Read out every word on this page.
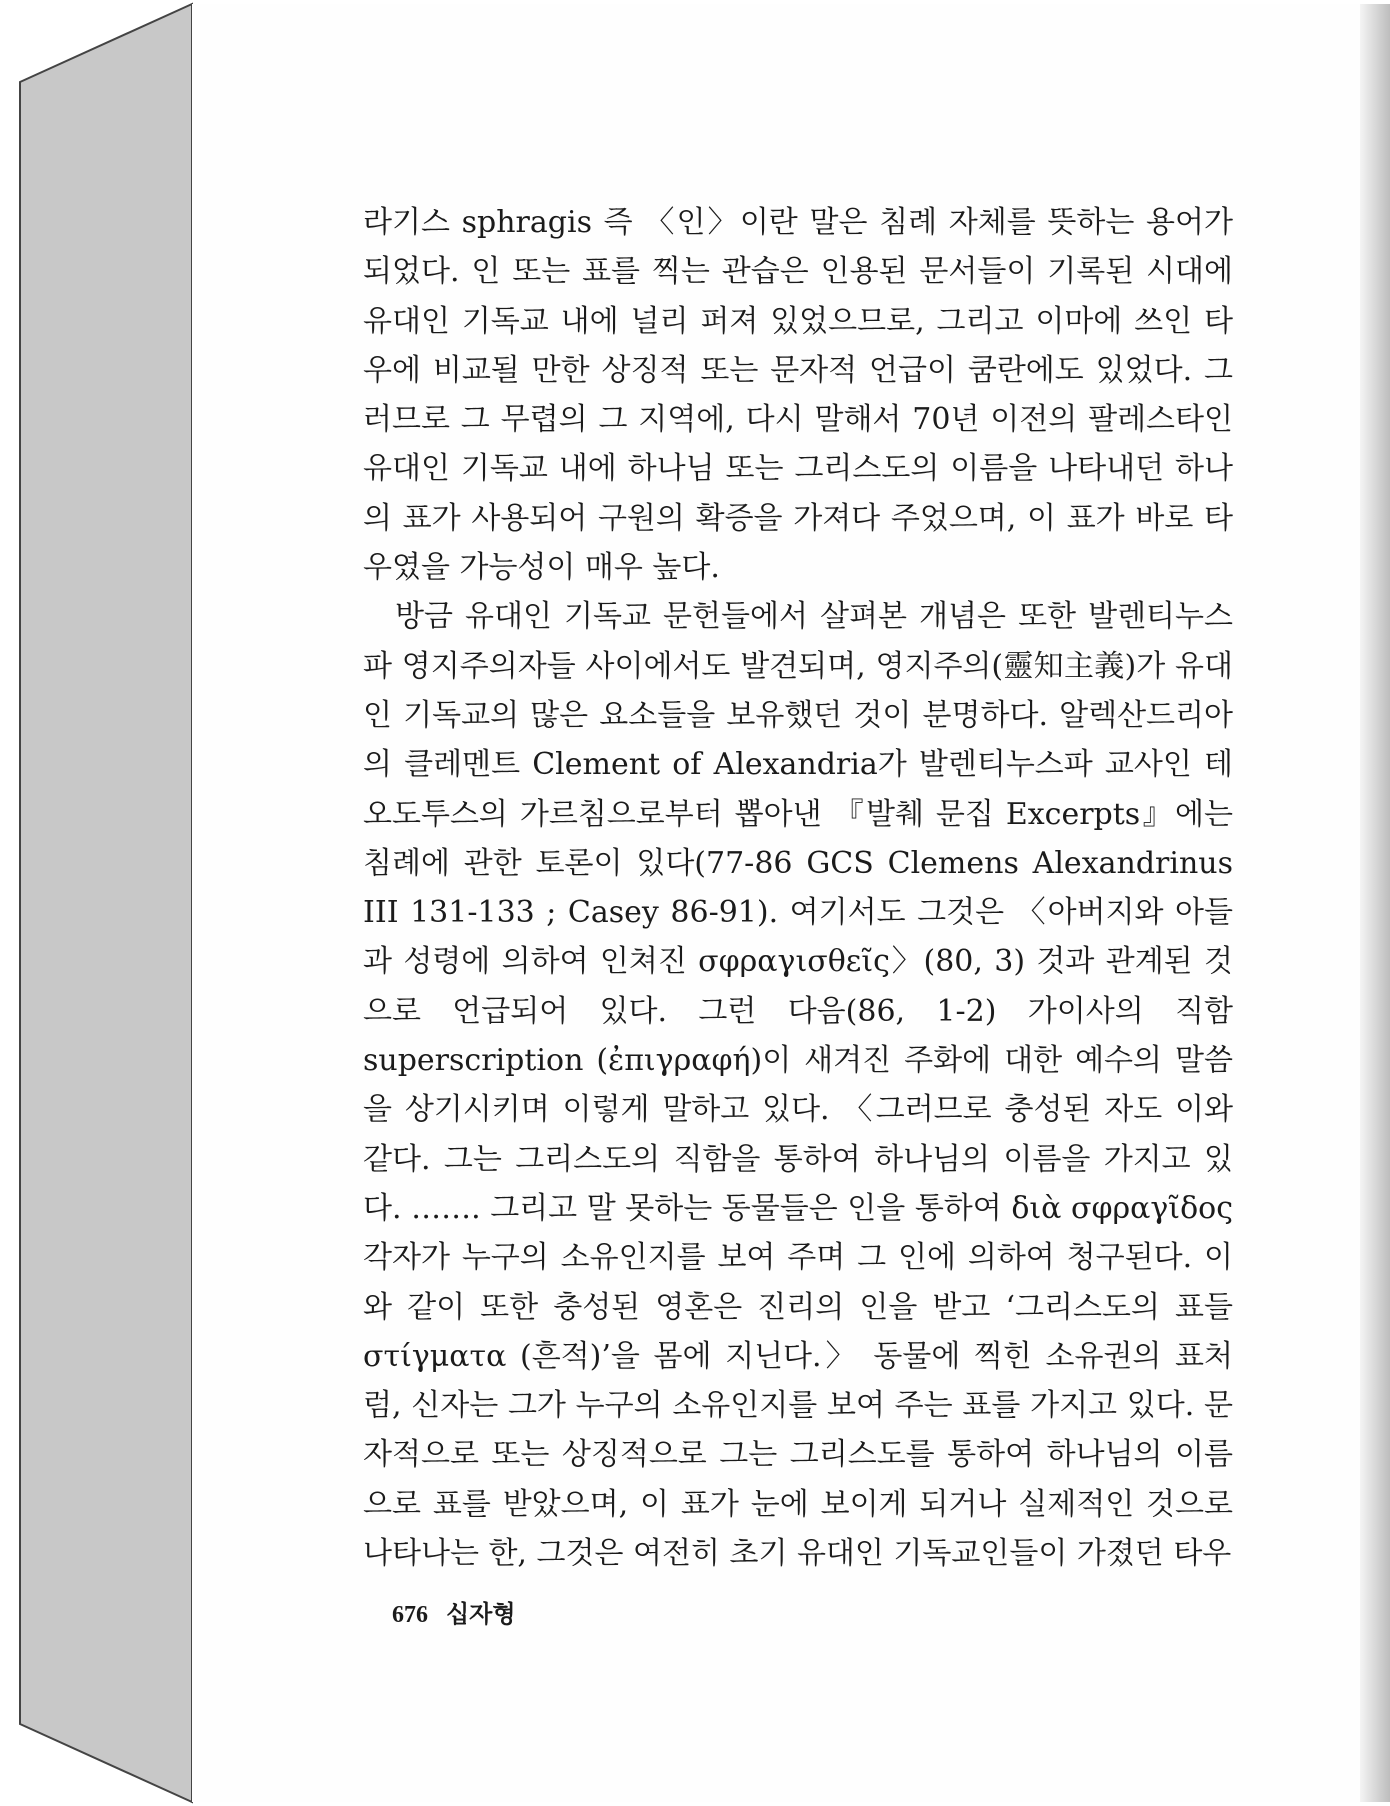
라기스 sphragis 즉 〈인〉이란 말은 침례 자체를 뜻하는 용어가 되었다. 인 또는 표를 찍는 관습은 인용된 문서들이 기록된 시대에 유대인 기독교 내에 널리 퍼져 있었으므로, 그리고 이마에 쓰인 타우에 비교될 만한 상징적 또는 문자적 언급이 쿰란에도 있었다. 그러므로 그 무렵의 그 지역에, 다시 말해서 70년 이전의 팔레스타인 유대인 기독교 내에 하나님 또는 그리스도의 이름을 나타내던 하나의 표가 사용되어 구원의 확증을 가져다 주었으며, 이 표가 바로 타우였을 가능성이 매우 높다.

방금 유대인 기독교 문헌들에서 살펴본 개념은 또한 발렌티누스파 영지주의자들 사이에서도 발견되며, 영지주의(靈知主義)가 유대인 기독교의 많은 요소들을 보유했던 것이 분명하다. 알렉산드리아의 클레멘트 Clement of Alexandria가 발렌티누스파 교사인 테오도투스의 가르침으로부터 뽑아낸 『발췌 문집 Excerpts』에는 침례에 관한 토론이 있다(77-86 GCS Clemens Alexandrinus III 131-133 ; Casey 86-91). 여기서도 그것은 〈아버지와 아들과 성령에 의하여 인쳐진 σφραγισθεῖς〉(80, 3) 것과 관계된 것으로 언급되어 있다. 그런 다음(86, 1-2) 가이사의 직함 superscription (ἐπιγραφή)이 새겨진 주화에 대한 예수의 말씀을 상기시키며 이렇게 말하고 있다. 〈그러므로 충성된 자도 이와 같다. 그는 그리스도의 직함을 통하여 하나님의 이름을 가지고 있다. ……. 그리고 말 못하는 동물들은 인을 통하여 διὰ σφραγῖδος 각자가 누구의 소유인지를 보여 주며 그 인에 의하여 청구된다. 이와 같이 또한 충성된 영혼은 진리의 인을 받고 ‘그리스도의 표들 στίγματα (흔적)’을 몸에 지닌다.〉 동물에 찍힌 소유권의 표처럼, 신자는 그가 누구의 소유인지를 보여 주는 표를 가지고 있다. 문자적으로 또는 상징적으로 그는 그리스도를 통하여 하나님의 이름으로 표를 받았으며, 이 표가 눈에 보이게 되거나 실제적인 것으로 나타나는 한, 그것은 여전히 초기 유대인 기독교인들이 가졌던 타우

676 십자형
